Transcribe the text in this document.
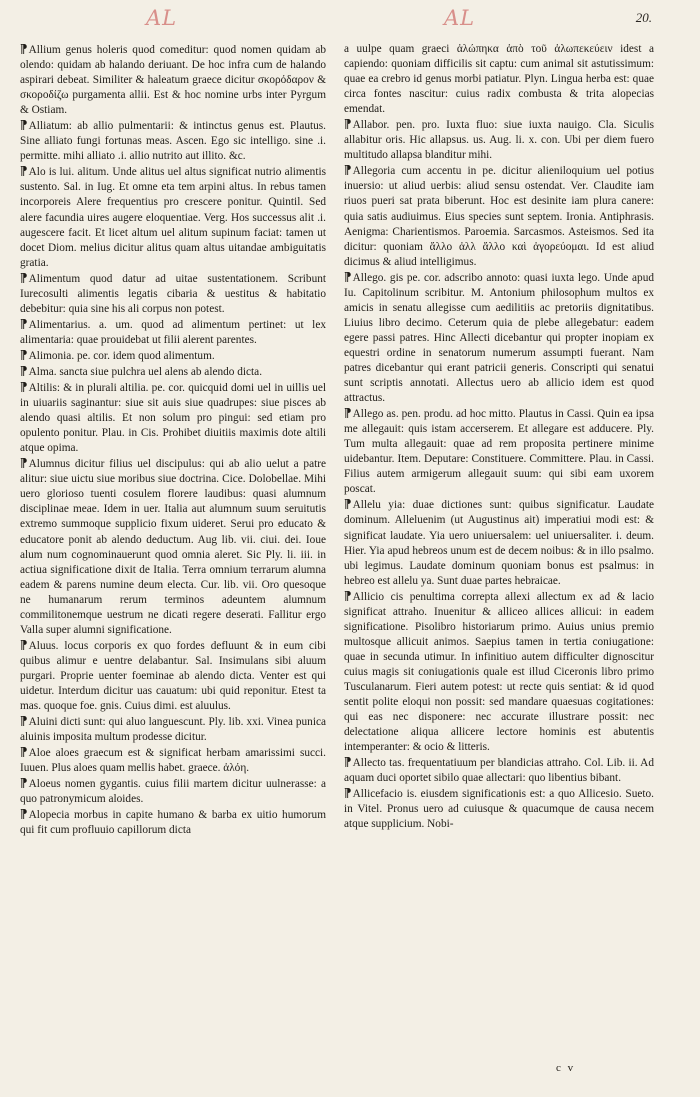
AL	AL	20.

¶Allium genus holeris quod comeditur: quod nomen quidam ab olendo: quidam ab halando deriuant. De hoc infra cum de halando aspirari debeat. Similiter & haleatum graece dicitur σκορόδαρον & σκοροδίζω purgamenta allii. Est & hoc nomine urbs inter Pyrgum & Ostiam.

¶Alliatum: ab allio pulmentarii: & intinctus genus est. Plautus. Sine alliato fungi fortunas meas. Ascen. Ego sic intelligo. sine .i. permitte. mihi alliato .i. allio nutrito aut illito. &c.

¶Alo is lui. alitum. Unde alitus uel altus significat nutrio alimentis sustento. Sal. in Iug. Et omne eta tem arpini altus. In rebus tamen incorporeis Alere frequentius pro crescere ponitur. Quintil. Sed alere facundia uires augere eloquentiae. Verg. Hos successus alit .i. augescere facit. Et licet altum uel alitum supinum faciat: tamen ut docet Diom. melius dicitur alitus quam altus uitandae ambiguitatis gratia.

¶Alimentum quod datur ad uitae sustentationem. Scribunt Iurecosulti alimentis legatis cibaria & uestitus & habitatio debebitur: quia sine his ali corpus non potest.

¶Alimentarius. a. um. quod ad alimentum pertinet: ut lex alimentaria: quae prouidebat ut filii alerent parentes.

¶Alimonia. pe. cor. idem quod alimentum.

¶Alma. sancta siue pulchra uel alens ab alendo dicta.

¶Altilis: & in plurali altilia. pe. cor. quicquid domi uel in uillis uel in uiuariis saginantur: siue sit auis siue quadrupes: siue pisces ab alendo quasi altilis. Et non solum pro pingui: sed etiam pro opulento ponitur. Plau. in Cis. Prohibet diuitiis maximis dote altili atque opima.

¶Alumnus dicitur filius uel discipulus: qui ab alio uelut a patre alitur: siue uictu siue moribus siue doctrina. Cice. Dolobellae. Mihi uero glorioso tuenti cosulem florere laudibus: quasi alumnum disciplinae meae. Idem in uer. Italia aut alumnum suum seruitutis extremo summoque supplicio fixum uideret. Serui pro educato & educatore ponit ab alendo deductum. Aug lib. vii. ciui. dei. Ioue alum num cognominauerunt quod omnia aleret. Sic Ply. li. iii. in actiua significatione dixit de Italia. Terra omnium terrarum alumna eadem & parens numine deum electa. Cur. lib. vii. Oro quesoque ne humanarum rerum terminos adeuntem alumnum commilitonemque uestrum ne dicati regere deserati. Fallitur ergo Valla super alumni significatione.

¶Aluus. locus corporis ex quo fordes defluunt & in eum cibi quibus alimur e uentre delabantur. Sal. Insimulans sibi aluum purgari. Proprie uenter foeminae ab alendo dicta. Venter est qui uidetur. Interdum dicitur uas cauatum: ubi quid reponitur. Etest ta mas. quoque foe. gnis. Cuius dimi. est aluulus.

¶Aluini dicti sunt: qui aluo languescunt. Ply. lib. xxi. Vinea punica aluinis imposita multum prodesse dicitur.

¶Aloe aloes graecum est & significat herbam amarissimi succi. Iuuen. Plus aloes quam mellis habet. graece. ἀλόη.

¶Aloeus nomen gygantis. cuius filii martem dicitur uulnerasse: a quo patronymicum aloides.

¶Alopecia morbus in capite humano & barba ex uitio humorum qui fit cum profluuio capillorum dicta

a uulpe quam graeci ἀλώπηκα ἀπὸ τοῦ ἀλωπεκεύειν idest a capiendo: quoniam difficilis sit captu: cum animal sit astutissimum: quae ea crebro id genus morbi patiatur. Plyn. Lingua herba est: quae circa fontes nascitur: cuius radix combusta & trita alopecias emendat.

¶Allabor. pen. pro. Iuxta fluo: siue iuxta nauigo. Cla. Siculis allabitur oris. Hic allapsus. us. Aug. li. x. con. Ubi per diem fuero multitudo allapsa blanditur mihi.

¶Allegoria cum accentu in pe. dicitur alieniloquium uel potius inuersio: ut aliud uerbis: aliud sensu ostendat. Ver. Claudite iam riuos pueri sat prata biberunt. Hoc est desinite iam plura canere: quia satis audiuimus. Eius species sunt septem. Ironia. Antiphrasis. Aenigma: Charientismos. Paroemia. Sarcasmos. Asteismos. Sed ita dicitur: quoniam ἄλλο ἀλλ ἄλλο καὶ ἀγορεύομαι. Id est aliud dicimus & aliud intelligimus.

¶Allego. gis pe. cor. adscribo annoto: quasi iuxta lego. Unde apud Iu. Capitolinum scribitur. M. Antonium philosophum multos ex amicis in senatu allegisse cum aedilitiis ac pretoriis dignitatibus. Liuius libro decimo. Ceterum quia de plebe allegebatur: eadem egere passi patres. Hinc Allecti dicebantur qui propter inopiam ex equestri ordine in senatorum numerum assumpti fuerant. Nam patres dicebantur qui erant patricii generis. Conscripti qui senatui sunt scriptis annotati. Allectus uero ab allicio idem est quod attractus.

¶Allego as. pen. produ. ad hoc mitto. Plautus in Cassi. Quin ea ipsa me allegauit: quis istam accerserem. Et allegare est adducere. Ply. Tum multa allegauit: quae ad rem proposita pertinere minime uidebantur. Item. Deputare: Constituere. Committere. Plau. in Cassi. Filius autem armigerum allegauit suum: qui sibi eam uxorem poscat.

¶Allelu yia: duae dictiones sunt: quibus significatur. Laudate dominum. Alleluenim (ut Augustinus ait) imperatiui modi est: & significat laudate. Yia uero uniuersalem: uel uniuersaliter. i. deum. Hier. Yia apud hebreos unum est de decem noibus: & in illo psalmo. ubi legimus. Laudate dominum quoniam bonus est psalmus: in hebreo est allelu ya. Sunt duae partes hebraicae.

¶Allicio cis penultima correpta allexi allectum ex ad & lacio significat attraho. Inuenitur & alliceo allices allicui: in eadem significatione. Pisolibro historiarum primo. Auius unius premio multosque allicuit animos. Saepius tamen in tertia coniugatione: quae in secunda utimur. In infinitiuo autem difficulter dignoscitur cuius magis sit coniugationis quale est illud Ciceronis libro primo Tusculanarum. Fieri autem potest: ut recte quis sentiat: & id quod sentit polite eloqui non possit: sed mandare quaesuas cogitationes: qui eas nec disponere: nec accurate illustrare possit: nec delectatione aliqua allicere lectore hominis est abutentis intemperanter: & ocio & litteris.

¶Allecto tas. frequentatiuum per blandicias attraho. Col. Lib. ii. Ad aquam duci oportet sibilo quae allectari: quo libentius bibant.

¶Allicefacio is. eiusdem significationis est: a quo Allicesio. Sueto. in Vitel. Pronus uero ad cuiusque & quacumque de causa necem atque supplicium. Nobi-

c v
